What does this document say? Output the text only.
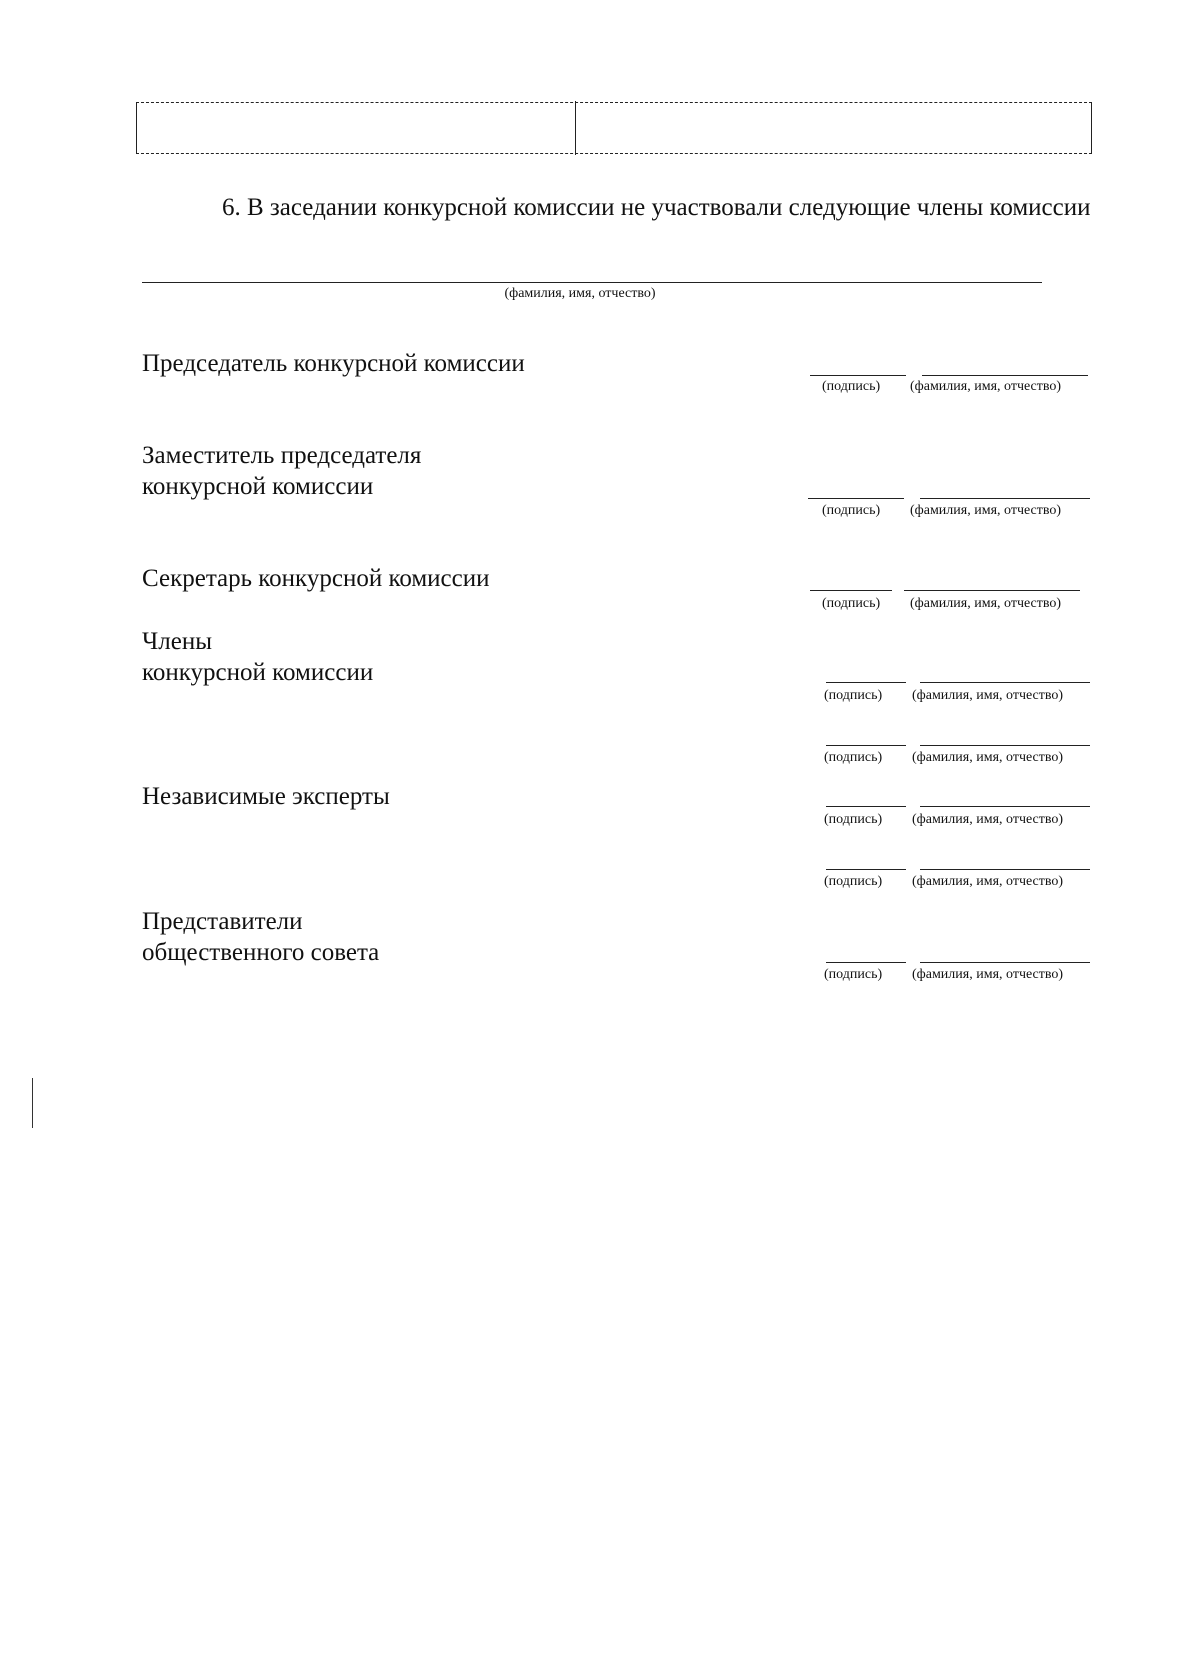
6. В заседании конкурсной комиссии не участвовали следующие члены комиссии
(фамилия, имя, отчество)
Председатель конкурсной комиссии
Заместитель председателя
конкурсной комиссии
Секретарь конкурсной комиссии
Члены
конкурсной комиссии
Независимые эксперты
Представители
общественного совета
(подпись) (фамилия, имя, отчество)
(подпись) (фамилия, имя, отчество)
(подпись) (фамилия, имя, отчество)
(подпись) (фамилия, имя, отчество)
(подпись) (фамилия, имя, отчество)
(подпись) (фамилия, имя, отчество)
(подпись) (фамилия, имя, отчество)
(подпись) (фамилия, имя, отчество)
